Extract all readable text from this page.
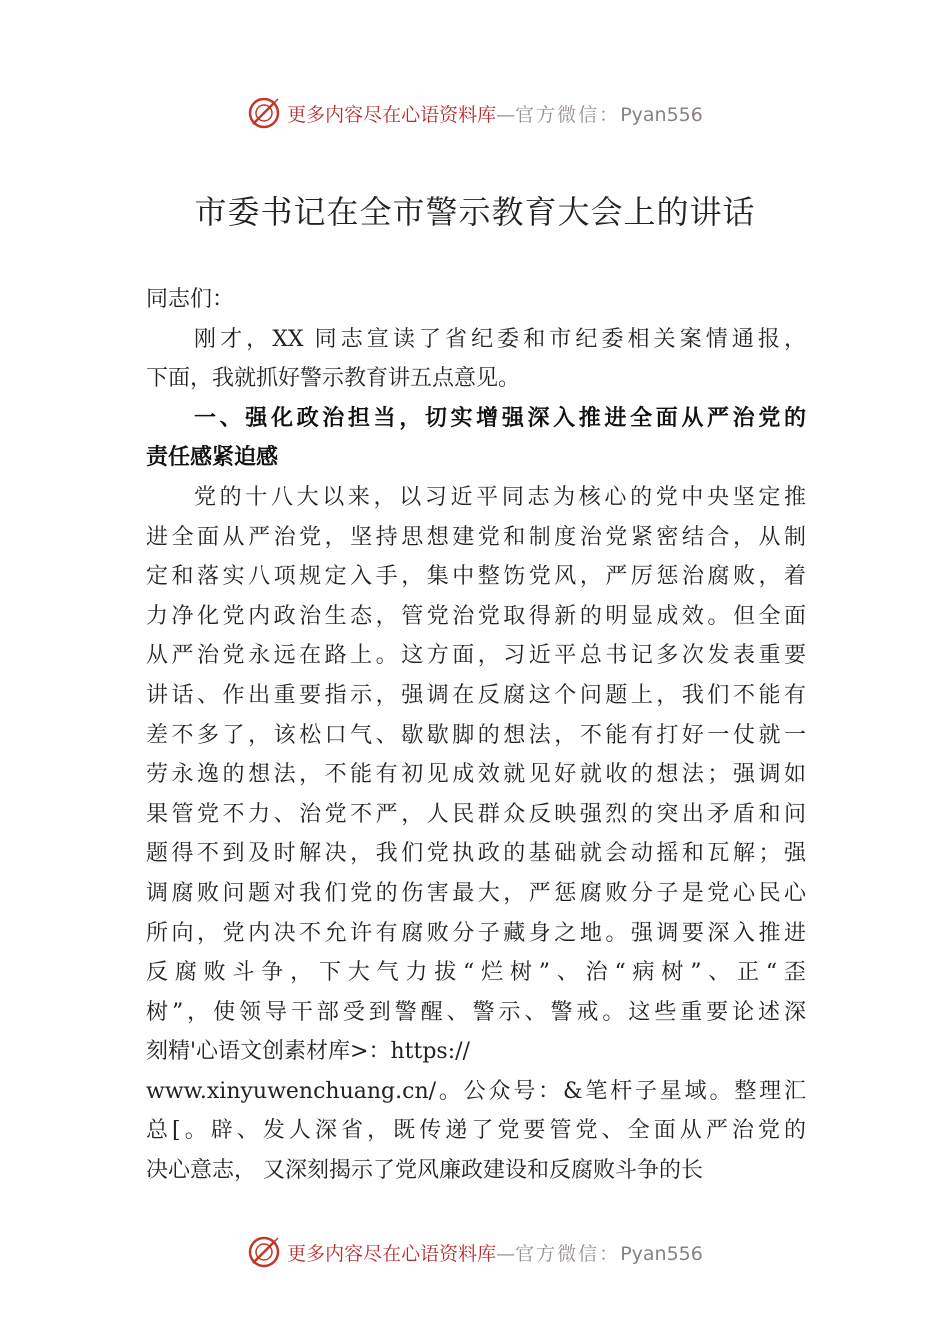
更多内容尽在心语资料库—官方微信：Pyan556
市委书记在全市警示教育大会上的讲话
同志们：
刚才，XX 同志宣读了省纪委和市纪委相关案情通报，
下面，我就抓好警示教育讲五点意见。
一、强化政治担当，切实增强深入推进全面从严治党的
责任感紧迫感
党的十八大以来，以习近平同志为核心的党中央坚定推
进全面从严治党，坚持思想建党和制度治党紧密结合，从制
定和落实八项规定入手，集中整饬党风，严厉惩治腐败，着
力净化党内政治生态，管党治党取得新的明显成效。但全面
从严治党永远在路上。这方面，习近平总书记多次发表重要
讲话、作出重要指示，强调在反腐这个问题上，我们不能有
差不多了，该松口气、歇歇脚的想法，不能有打好一仗就一
劳永逸的想法，不能有初见成效就见好就收的想法；强调如
果管党不力、治党不严，人民群众反映强烈的突出矛盾和问
题得不到及时解决，我们党执政的基础就会动摇和瓦解；强
调腐败问题对我们党的伤害最大，严惩腐败分子是党心民心
所向，党内决不允许有腐败分子藏身之地。强调要深入推进
反腐败斗争，下大气力拔“烂树”、治“病树”、正“歪
树”，使领导干部受到警醒、警示、警戒。这些重要论述深
刻精'心语文创素材库>：https://
www.xinyuwenchuang.cn/。公众号：&笔杆子星域。整理汇
总[。辟、发人深省，既传递了党要管党、全面从严治党的
决心意志， 又深刻揭示了党风廉政建设和反腐败斗争的长
更多内容尽在心语资料库—官方微信：Pyan556
